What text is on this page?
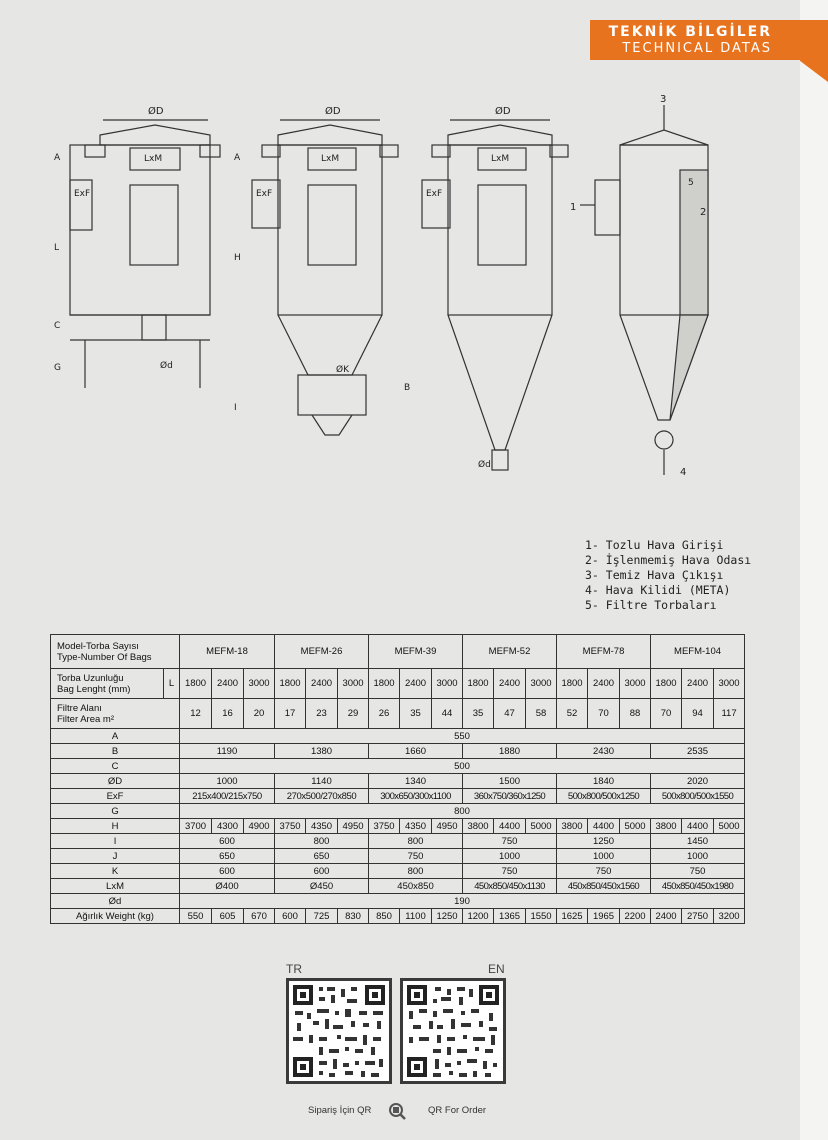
TEKNİK BİLGİLER
TECHNICAL DATAS
ØD
LxM
ExF
Ød
A
L
C
G
ØD
LxM
ExF
ØK
H
A
I
ØD
LxM
ExF
Ød
B
3
1	2
5
4
1- Tozlu Hava Girişi
2- İşlenmemiş Hava Odası
3- Temiz Hava Çıkışı
4- Hava Kilidi (META)
5- Filtre Torbaları
Model-Torba Sayısı
Type-Number Of Bags		MEFM-18			MEFM-26			MEFM-39			MEFM-52			MEFM-78			MEFM-104		

Torba Uzunluğu
Bag Lenght (mm)	L	1800	2400	3000	1800	2400	3000	1800	2400	3000	1800	2400	3000	1800	2400	3000	1800	2400	3000

Filtre Alanı
Filter Area m²		12	16	20	17	23	29	26	35	44	35	47	58	52	70	88	70	94	117
A		550																	
B		1190			1380			1660			1880			2430			2535		
C		500																	
ØD		1000			1140			1340			1500			1840			2020		
ExF		215x400/215x750			270x500/270x850			300x650/300x1100			360x750/360x1250			500x800/500x1250			500x800/500x1550		
G		800																	
H		3700	4300	4900	3750	4350	4950	3750	4350	4950	3800	4400	5000	3800	4400	5000	3800	4400	5000
I		600			800			800			750			1250			1450		
J		650			650			750			1000			1000			1000		
K		600			600			800			750			750			750		
LxM		Ø400			Ø450			450x850			450x850/450x1130			450x850/450x1560			450x850/450x1980		
Ød		190																	
Ağırlık Weight (kg)		550	605	670	600	725	830	850	1100	1250	1200	1365	1550	1625	1965	2200	2400	2750	3200
TR	EN
Sipariş İçin QR	QR For Order
